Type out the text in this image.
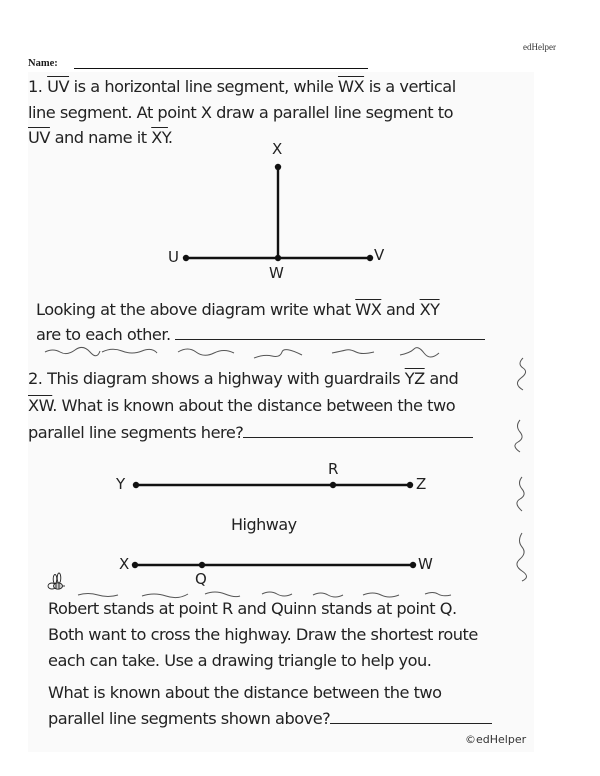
edHelper
Name:
1. $\overline{UV}$ is a horizontal line segment, while $\overline{WX}$ is a vertical
line segment. At point X draw a parallel line segment to
$\overline{UV}$ and name it $\overline{XY}$.
X
U
W
V
Looking at the above diagram write what $\overline{WX}$ and $\overline{XY}$
are to each other.
2. This diagram shows a highway with guardrails $\overline{YZ}$ and
$\overline{XW}$. What is known about the distance between the two
parallel line segments here?
Y
R
Z
X
Q
W
Highway
Robert stands at point R and Quinn stands at point Q.
Both want to cross the highway. Draw the shortest route
each can take. Use a drawing triangle to help you.
What is known about the distance between the two
parallel line segments shown above?
©edHelper
